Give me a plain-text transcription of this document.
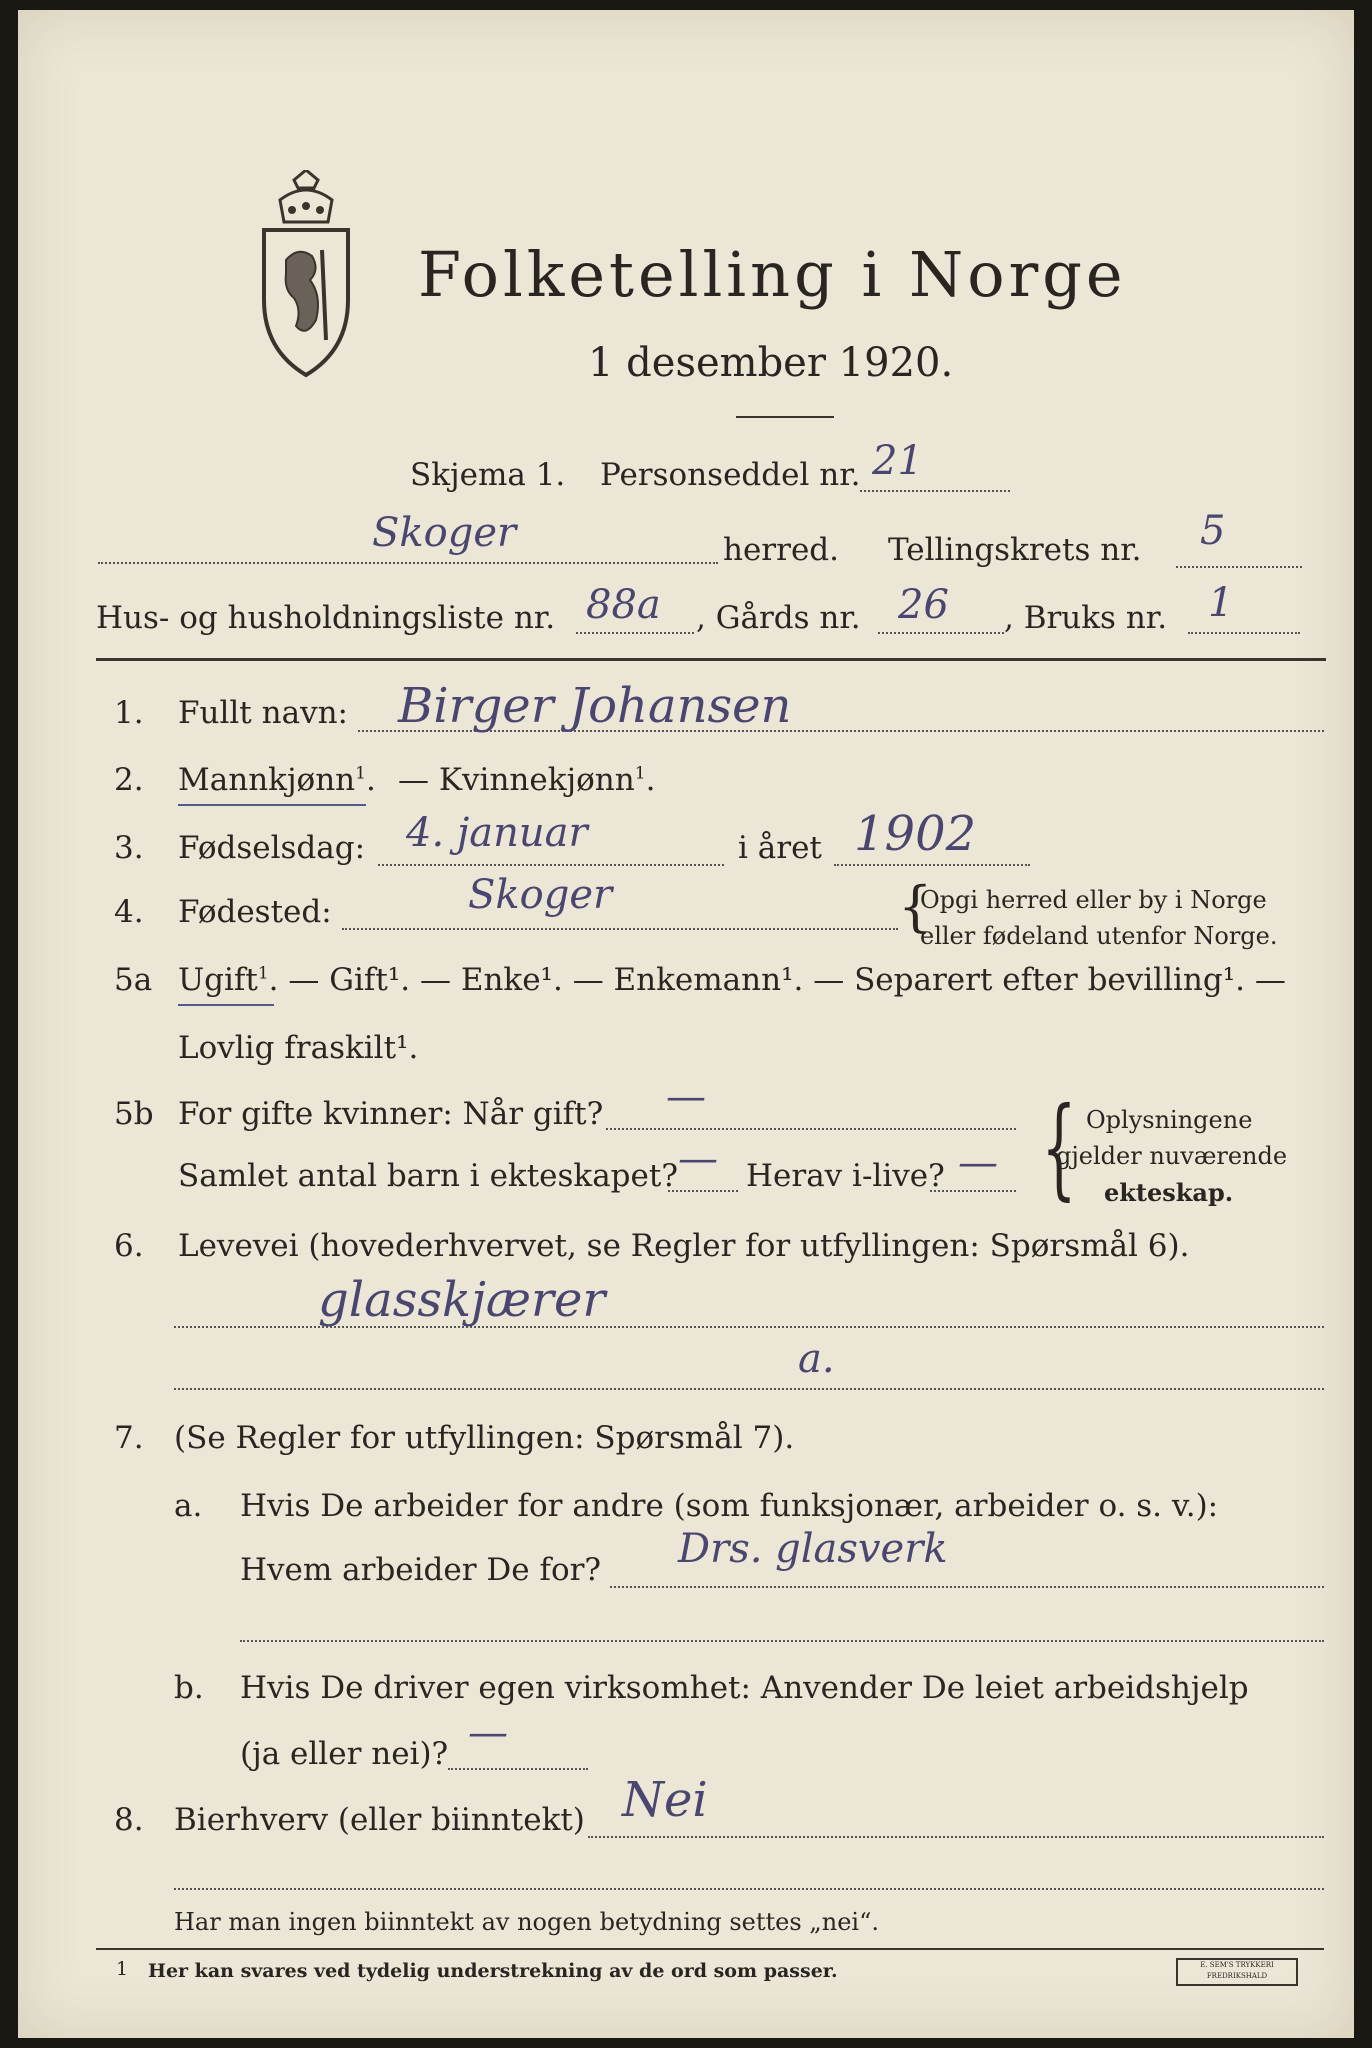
Folketelling i Norge
1 desember 1920.
Skjema 1. Personseddel nr. 21
Skoger	herred. Tellingskrets nr. 5
Hus- og husholdningsliste nr. 88a , Gårds nr. 26 , Bruks nr. 1
1. Fullt navn: Birger Johansen
2. Mannkjønn$^1$. — Kvinnekjønn$^1$.
3. Fødselsdag: 4. januar	i året 1902
4. Fødested:	Skoger	{
Opgi herred eller by i Norge
eller fødeland utenfor Norge.
5a Ugift$^1$. — Gift¹. — Enke¹. — Enkemann¹. — Separert efter bevilling¹. —
Lovlig fraskilt¹.
5b For gifte kvinner: Når gift? —
Samlet antal barn i ekteskapet? — Herav i-live? — { Oplysningene
gjelder nuværende
ekteskap.
6. Levevei (hovederhvervet, se Regler for utfyllingen: Spørsmål 6).
glasskjærer
a.
7. (Se Regler for utfyllingen: Spørsmål 7).
a. Hvis De arbeider for andre (som funksjonær, arbeider o. s. v.):
Hvem arbeider De for? Drs. glasverk
b. Hvis De driver egen virksomhet: Anvender De leiet arbeidshjelp
(ja eller nei)? —
8. Bierhverv (eller biinntekt) Nei
Har man ingen biinntekt av nogen betydning settes „nei“.
1 Her kan svares ved tydelig understrekning av de ord som passer.	E. SEM'S TRYKKERI FREDRIKSHALD
